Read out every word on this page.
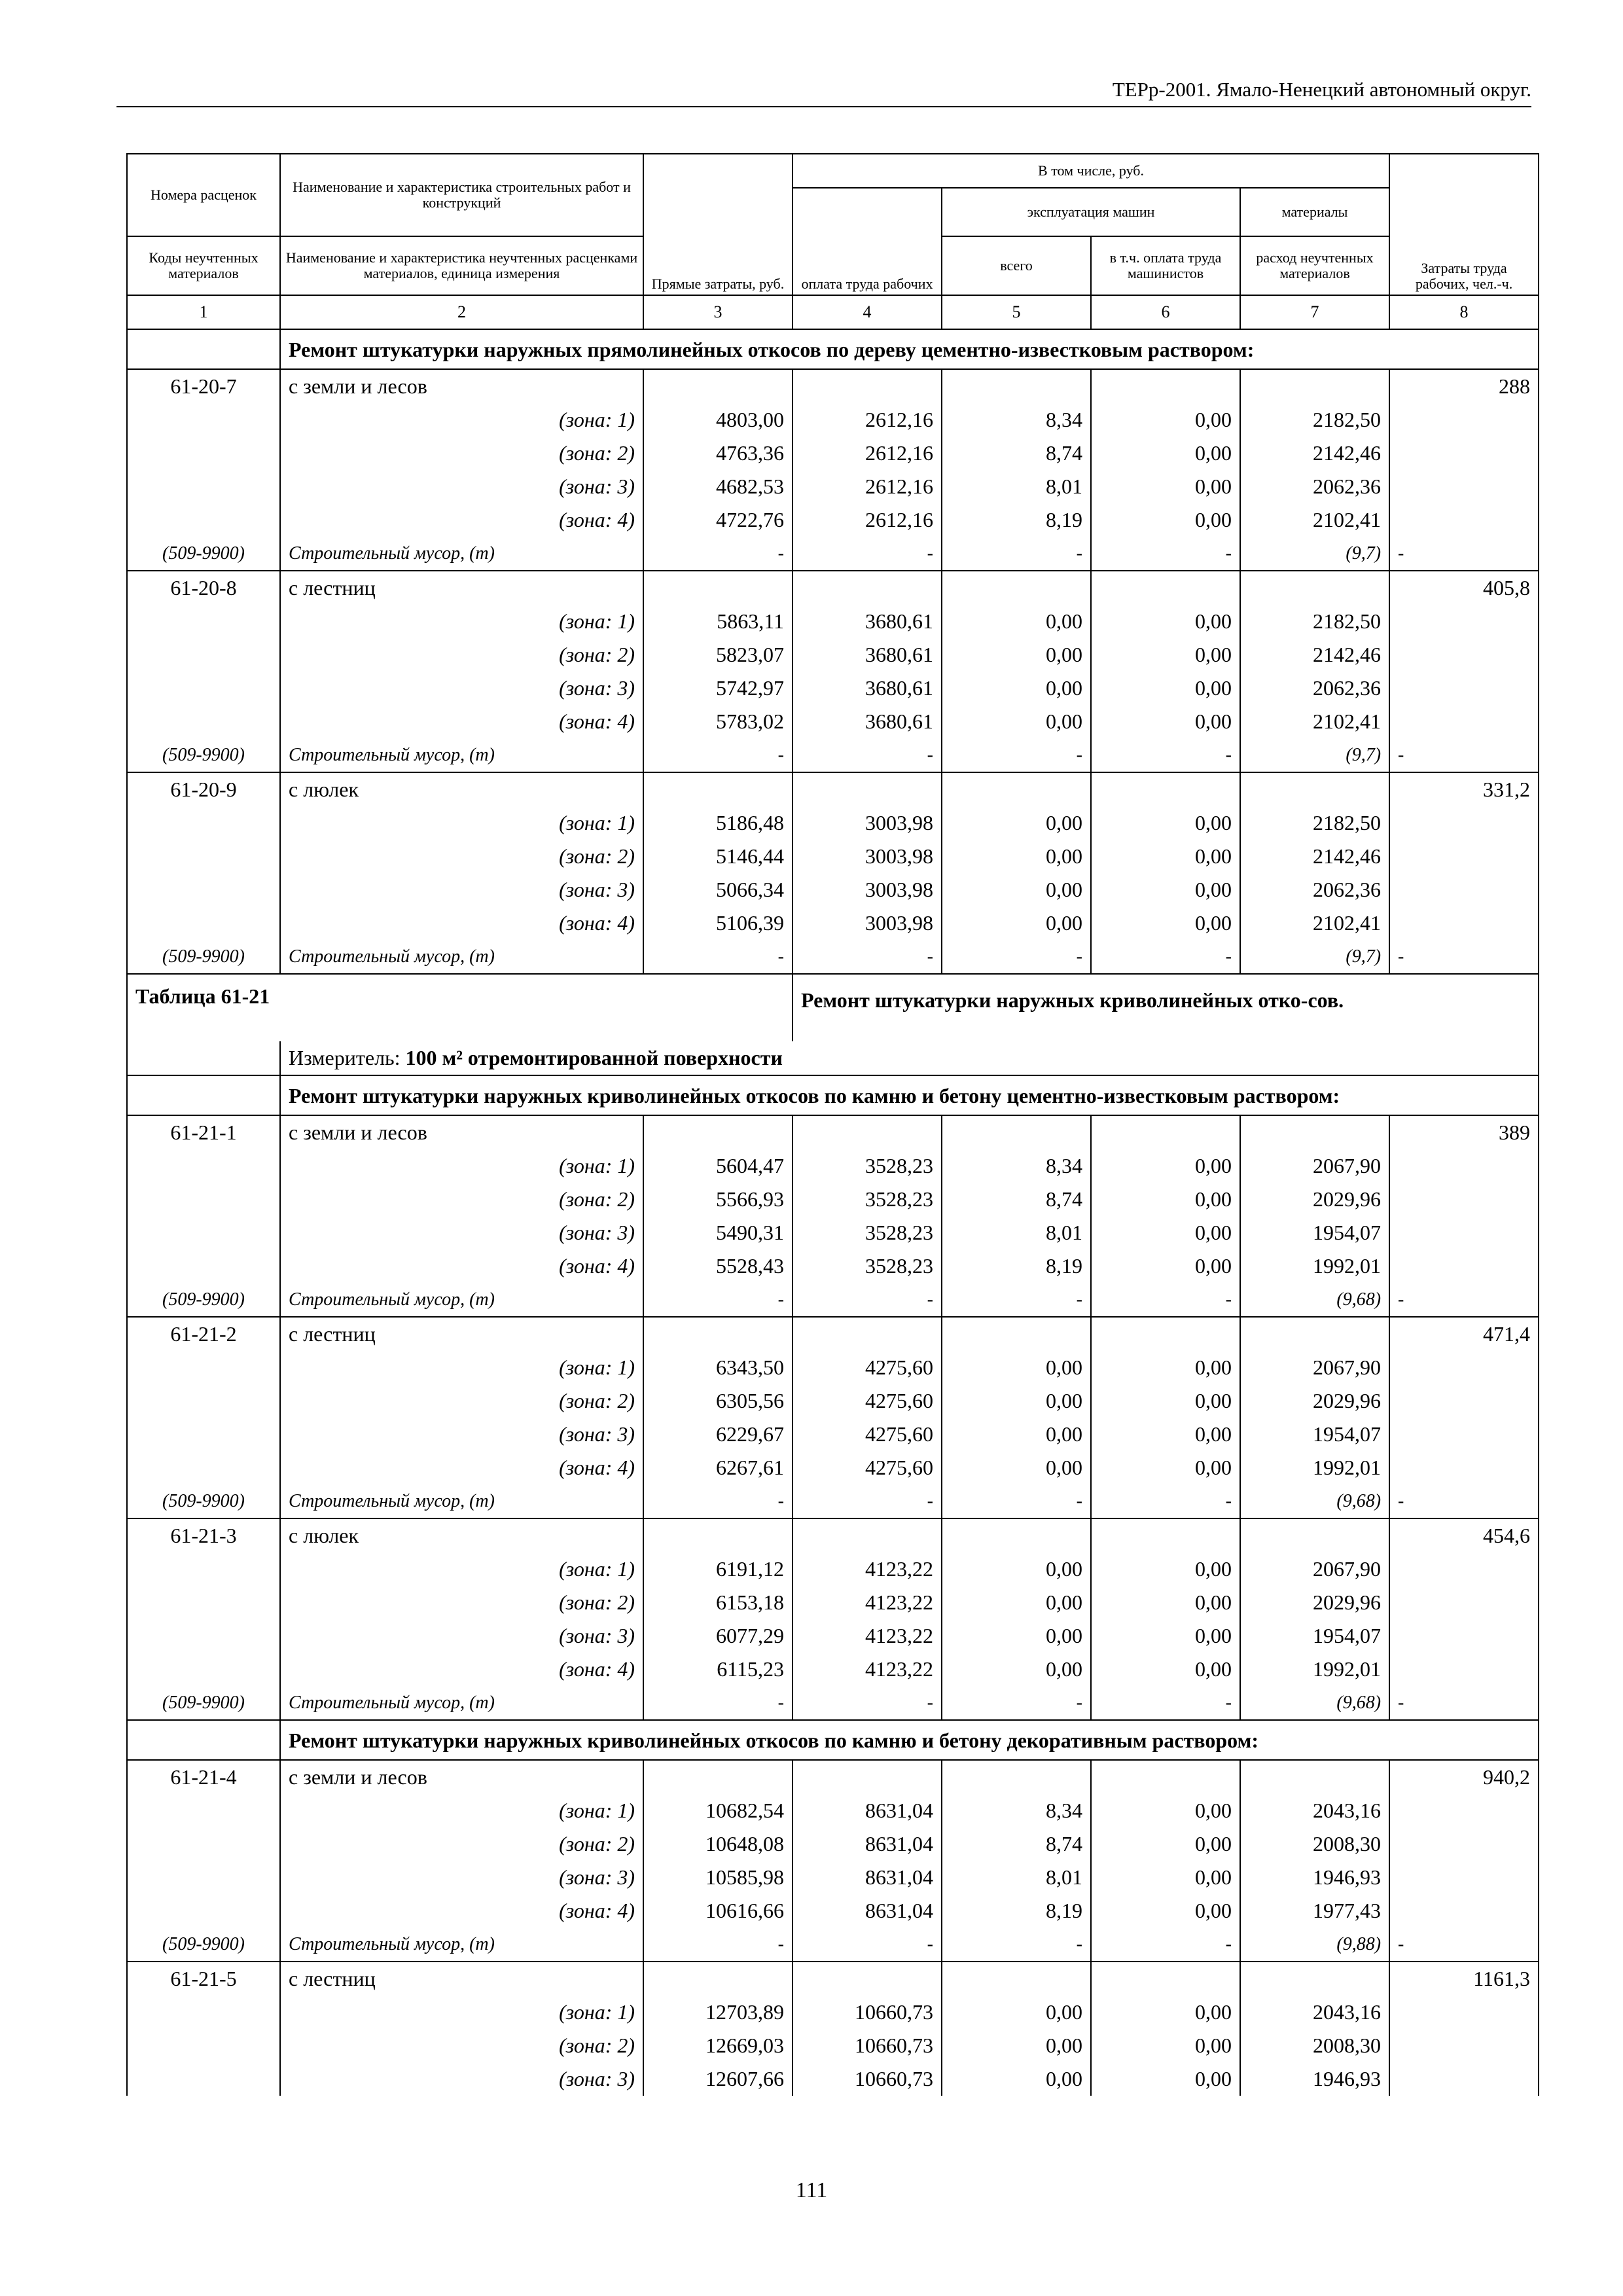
ТЕРр-2001. Ямало-Ненецкий автономный округ.
Номера расценок	Наименование и характеристика строительных работ и конструкций	Прямые затраты, руб.	В том числе, руб.				Затраты труда рабочих, чел.-ч.
			оплата труда рабочих	эксплуатация машин		материалы	
Коды неучтенных материалов	Наименование и характеристика неучтенных расценками материалов, единица измерения			всего	в т.ч. оплата труда машинистов	расход неучтенных материалов	
1	2	3	4	5	6	7	8
	Ремонт штукатурки наружных прямолинейных откосов по дереву цементно-известковым раствором:						
61-20-7	с земли и лесов						288
	(зона: 1)	4803,00	2612,16	8,34	0,00	2182,50	
	(зона: 2)	4763,36	2612,16	8,74	0,00	2142,46	
	(зона: 3)	4682,53	2612,16	8,01	0,00	2062,36	
	(зона: 4)	4722,76	2612,16	8,19	0,00	2102,41	
(509-9900)	Строительный мусор, (т)	-	-	-	-	(9,7)	-
61-20-8	с лестниц						405,8
	(зона: 1)	5863,11	3680,61	0,00	0,00	2182,50	
	(зона: 2)	5823,07	3680,61	0,00	0,00	2142,46	
	(зона: 3)	5742,97	3680,61	0,00	0,00	2062,36	
	(зона: 4)	5783,02	3680,61	0,00	0,00	2102,41	
(509-9900)	Строительный мусор, (т)	-	-	-	-	(9,7)	-
61-20-9	с люлек						331,2
	(зона: 1)	5186,48	3003,98	0,00	0,00	2182,50	
	(зона: 2)	5146,44	3003,98	0,00	0,00	2142,46	
	(зона: 3)	5066,34	3003,98	0,00	0,00	2062,36	
	(зона: 4)	5106,39	3003,98	0,00	0,00	2102,41	
(509-9900)	Строительный мусор, (т)	-	-	-	-	(9,7)	-
Таблица 61-21			Ремонт штукатурки наружных криволинейных отко-сов.				
	Измеритель: 100 м² отремонтированной поверхности						
	Ремонт штукатурки наружных криволинейных откосов по камню и бетону цементно-известковым раствором:						
61-21-1	с земли и лесов						389
	(зона: 1)	5604,47	3528,23	8,34	0,00	2067,90	
	(зона: 2)	5566,93	3528,23	8,74	0,00	2029,96	
	(зона: 3)	5490,31	3528,23	8,01	0,00	1954,07	
	(зона: 4)	5528,43	3528,23	8,19	0,00	1992,01	
(509-9900)	Строительный мусор, (т)	-	-	-	-	(9,68)	-
61-21-2	с лестниц						471,4
	(зона: 1)	6343,50	4275,60	0,00	0,00	2067,90	
	(зона: 2)	6305,56	4275,60	0,00	0,00	2029,96	
	(зона: 3)	6229,67	4275,60	0,00	0,00	1954,07	
	(зона: 4)	6267,61	4275,60	0,00	0,00	1992,01	
(509-9900)	Строительный мусор, (т)	-	-	-	-	(9,68)	-
61-21-3	с люлек						454,6
	(зона: 1)	6191,12	4123,22	0,00	0,00	2067,90	
	(зона: 2)	6153,18	4123,22	0,00	0,00	2029,96	
	(зона: 3)	6077,29	4123,22	0,00	0,00	1954,07	
	(зона: 4)	6115,23	4123,22	0,00	0,00	1992,01	
(509-9900)	Строительный мусор, (т)	-	-	-	-	(9,68)	-
	Ремонт штукатурки наружных криволинейных откосов по камню и бетону декоративным раствором:						
61-21-4	с земли и лесов						940,2
	(зона: 1)	10682,54	8631,04	8,34	0,00	2043,16	
	(зона: 2)	10648,08	8631,04	8,74	0,00	2008,30	
	(зона: 3)	10585,98	8631,04	8,01	0,00	1946,93	
	(зона: 4)	10616,66	8631,04	8,19	0,00	1977,43	
(509-9900)	Строительный мусор, (т)	-	-	-	-	(9,88)	-
61-21-5	с лестниц						1161,3
	(зона: 1)	12703,89	10660,73	0,00	0,00	2043,16	
	(зона: 2)	12669,03	10660,73	0,00	0,00	2008,30	
	(зона: 3)	12607,66	10660,73	0,00	0,00	1946,93	
111
